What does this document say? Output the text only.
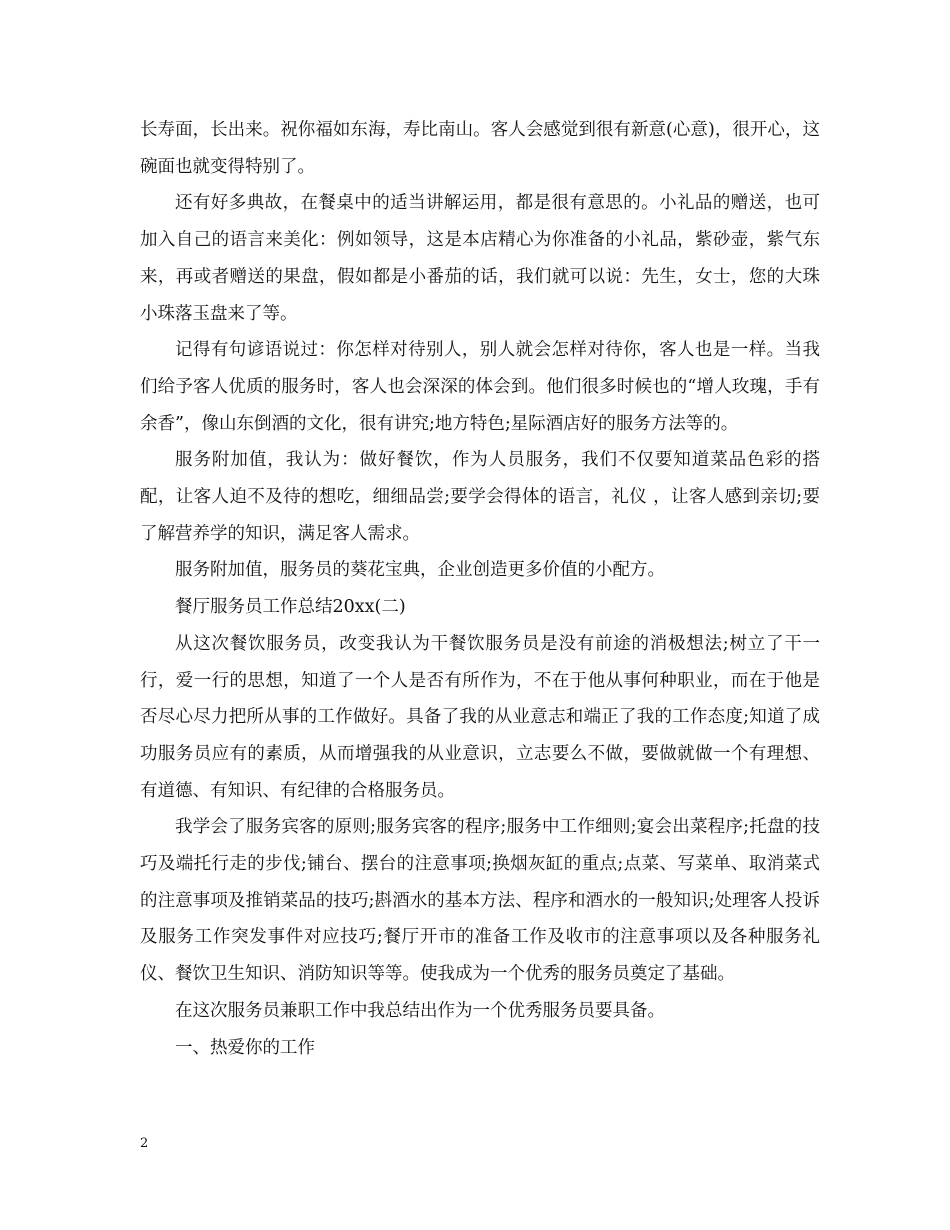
长寿面，长出来。祝你福如东海，寿比南山。客人会感觉到很有新意(心意)，很开心，这碗面也就变得特别了。

还有好多典故，在餐桌中的适当讲解运用，都是很有意思的。小礼品的赠送，也可加入自己的语言来美化：例如领导，这是本店精心为你准备的小礼品，紫砂壶，紫气东来，再或者赠送的果盘，假如都是小番茄的话，我们就可以说：先生，女士，您的大珠小珠落玉盘来了等。

记得有句谚语说过：你怎样对待别人，别人就会怎样对待你，客人也是一样。当我们给予客人优质的服务时，客人也会深深的体会到。他们很多时候也的“增人玫瑰，手有余香”，像山东倒酒的文化，很有讲究;地方特色;星际酒店好的服务方法等的。

服务附加值，我认为：做好餐饮，作为人员服务，我们不仅要知道菜品色彩的搭配，让客人迫不及待的想吃，细细品尝;要学会得体的语言，礼仪 ，让客人感到亲切;要了解营养学的知识，满足客人需求。

服务附加值，服务员的葵花宝典，企业创造更多价值的小配方。

餐厅服务员工作总结20xx(二)

从这次餐饮服务员，改变我认为干餐饮服务员是没有前途的消极想法;树立了干一行，爱一行的思想，知道了一个人是否有所作为，不在于他从事何种职业，而在于他是否尽心尽力把所从事的工作做好。具备了我的从业意志和端正了我的工作态度;知道了成功服务员应有的素质，从而增强我的从业意识，立志要么不做，要做就做一个有理想、有道德、有知识、有纪律的合格服务员。

我学会了服务宾客的原则;服务宾客的程序;服务中工作细则;宴会出菜程序;托盘的技巧及端托行走的步伐;铺台、摆台的注意事项;换烟灰缸的重点;点菜、写菜单、取消菜式的注意事项及推销菜品的技巧;斟酒水的基本方法、程序和酒水的一般知识;处理客人投诉及服务工作突发事件对应技巧;餐厅开市的准备工作及收市的注意事项以及各种服务礼仪、餐饮卫生知识、消防知识等等。使我成为一个优秀的服务员奠定了基础。

在这次服务员兼职工作中我总结出作为一个优秀服务员要具备。

一、热爱你的工作

2
